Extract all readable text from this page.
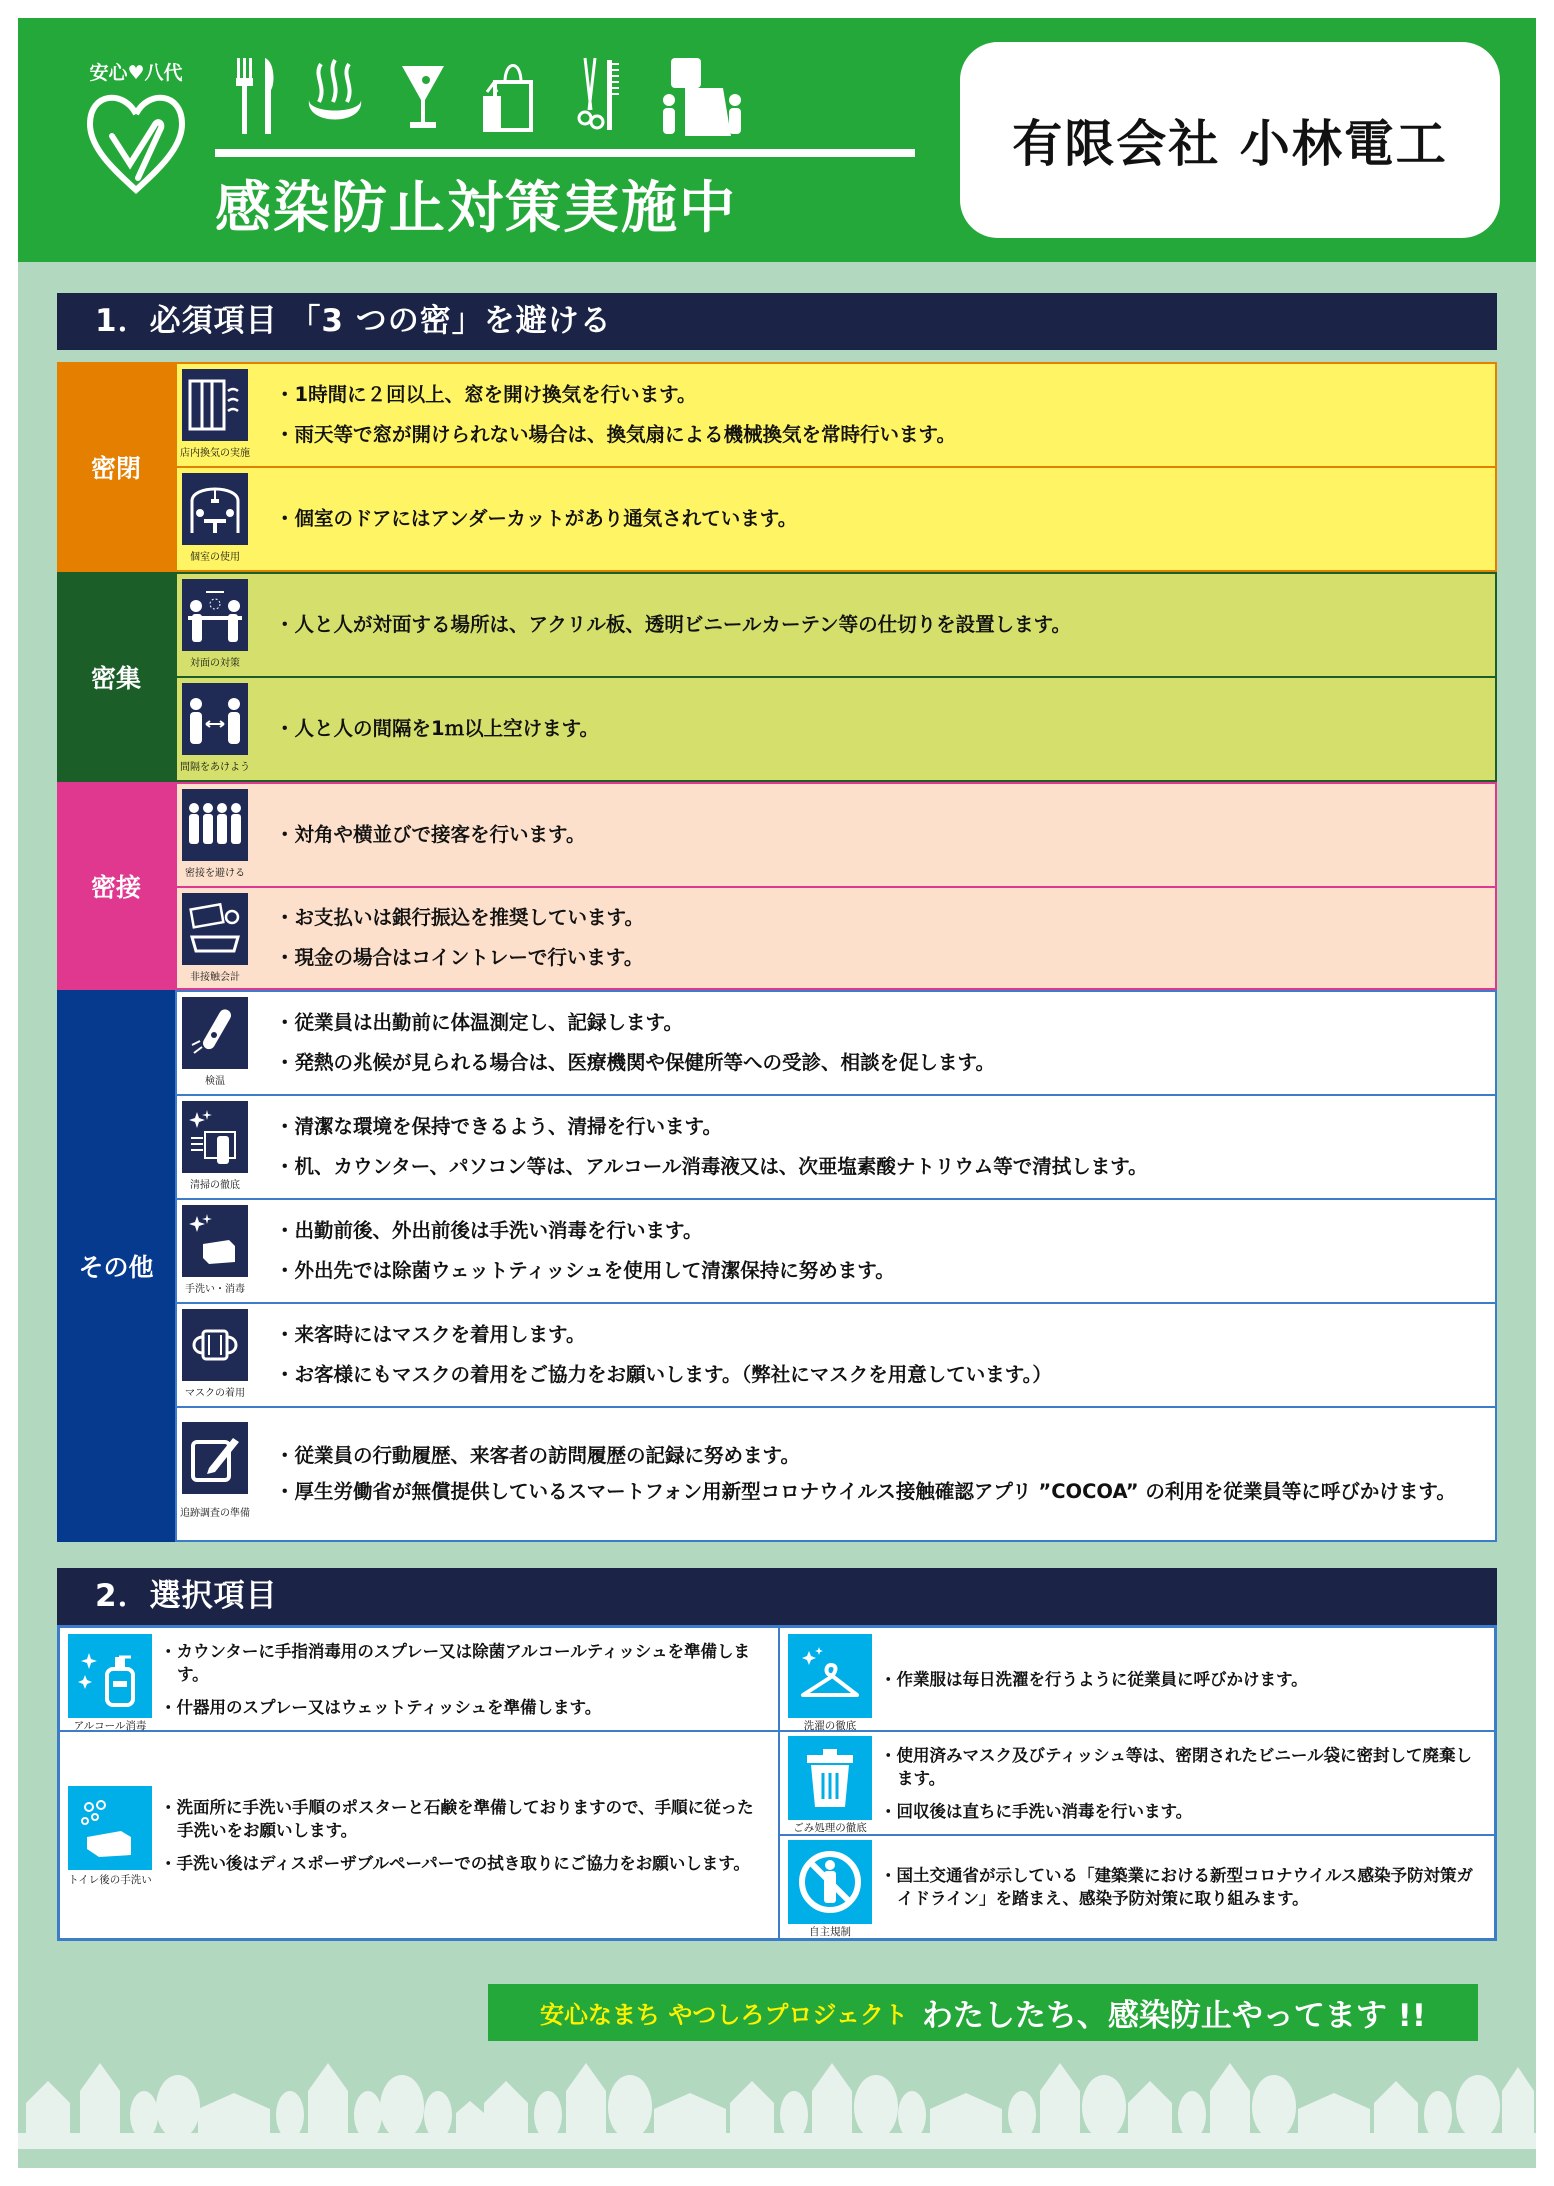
安心♥八代
感染防止対策実施中
有限会社 小林電工
1．必須項目 「3 つの密」を避ける
密閉
店内換気の実施
・ 1時間に２回以上、窓を開け換気を行います。
・ 雨天等で窓が開けられない場合は、換気扇による機械換気を常時行います。
個室の使用
・ 個室のドアにはアンダーカットがあり通気されています。
密集
対面の対策
・ 人と人が対面する場所は、アクリル板、透明ビニールカーテン等の仕切りを設置します。
間隔をあけよう
・ 人と人の間隔を1ｍ以上空けます。
密接	密接を避ける
・ 対角や横並びで接客を行います。
非接触会計
・ お支払いは銀行振込を推奨しています。
・ 現金の場合はコイントレーで行います。
その他
検温
・ 従業員は出勤前に体温測定し、記録します。
・ 発熱の兆候が見られる場合は、医療機関や保健所等への受診、相談を促します。
清掃の徹底
・ 清潔な環境を保持できるよう、清掃を行います。
・ 机、カウンター、パソコン等は、アルコール消毒液又は、次亜塩素酸ナトリウム等で清拭します。
手洗い・消毒
・ 出勤前後、外出前後は手洗い消毒を行います。
・ 外出先では除菌ウェットティッシュを使用して清潔保持に努めます。
マスクの着用
・ 来客時にはマスクを着用します。
・ お客様にもマスクの着用をご協力をお願いします。（弊社にマスクを用意しています。）
追跡調査の準備
・ 従業員の行動履歴、来客者の訪問履歴の記録に努めます。
・ 厚生労働省が無償提供しているスマートフォン用新型コロナウイルス接触確認アプリ ”COCOA” の利用を従業員等に呼びかけます。
2．選択項目
アルコール消毒
・ カウンターに手指消毒用のスプレー又は除菌アルコールティッシュを準備します。
・ 什器用のスプレー又はウェットティッシュを準備します。
トイレ後の手洗い
・ 洗面所に手洗い手順のポスターと石鹸を準備しておりますので、手順に従った手洗いをお願いします。
・ 手洗い後はディスポーザブルペーパーでの拭き取りにご協力をお願いします。
洗濯の徹底
・ 作業服は毎日洗濯を行うように従業員に呼びかけます。
ごみ処理の徹底
・ 使用済みマスク及びティッシュ等は、密閉されたビニール袋に密封して廃棄します。
・ 回収後は直ちに手洗い消毒を行います。
自主規制
・ 国土交通省が示している「建築業における新型コロナウイルス感染予防対策ガイドライン」を踏まえ、感染予防対策に取り組みます。
安心なまち やつしろプロジェクト わたしたち、感染防止やってます !!
